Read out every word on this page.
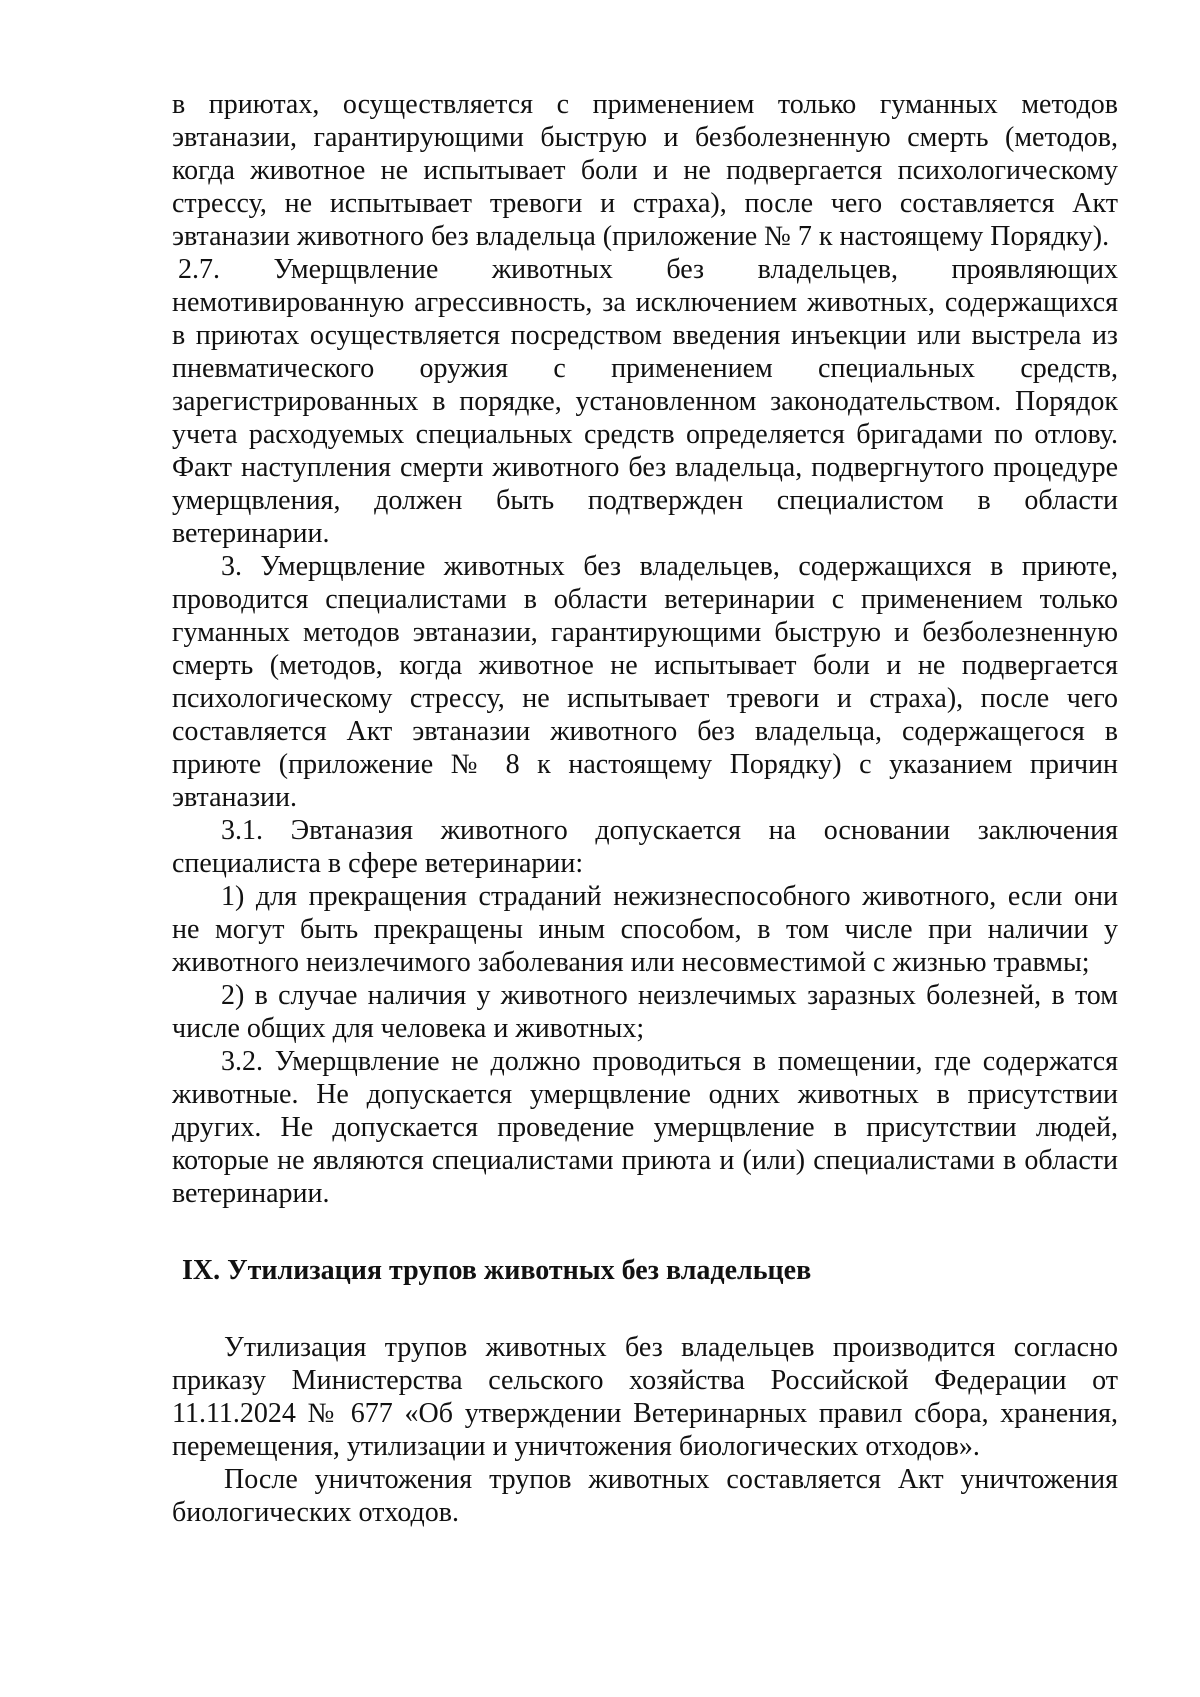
в приютах, осуществляется с применением только гуманных методов эвтаназии, гарантирующими быструю и безболезненную смерть (методов, когда животное не испытывает боли и не подвергается психологическому стрессу, не испытывает тревоги и страха), после чего составляется Акт эвтаназии животного без владельца (приложение № 7 к настоящему Порядку).

2.7. Умерщвление животных без владельцев, проявляющих немотивированную агрессивность, за исключением животных, содержащихся в приютах осуществляется посредством введения инъекции или выстрела из пневматического оружия с применением специальных средств, зарегистрированных в порядке, установленном законодательством. Порядок учета расходуемых специальных средств определяется бригадами по отлову. Факт наступления смерти животного без владельца, подвергнутого процедуре умерщвления, должен быть подтвержден специалистом в области ветеринарии.

3. Умерщвление животных без владельцев, содержащихся в приюте, проводится специалистами в области ветеринарии с применением только гуманных методов эвтаназии, гарантирующими быструю и безболезненную смерть (методов, когда животное не испытывает боли и не подвергается психологическому стрессу, не испытывает тревоги и страха), после чего составляется Акт эвтаназии животного без владельца, содержащегося в приюте (приложение № 8 к настоящему Порядку) с указанием причин эвтаназии.

3.1. Эвтаназия животного допускается на основании заключения специалиста в сфере ветеринарии:

1) для прекращения страданий нежизнеспособного животного, если они не могут быть прекращены иным способом, в том числе при наличии у животного неизлечимого заболевания или несовместимой с жизнью травмы;

2) в случае наличия у животного неизлечимых заразных болезней, в том числе общих для человека и животных;

3.2. Умерщвление не должно проводиться в помещении, где содержатся животные. Не допускается умерщвление одних животных в присутствии других. Не допускается проведение умерщвление в присутствии людей, которые не являются специалистами приюта и (или) специалистами в области ветеринарии.

IX. Утилизация трупов животных без владельцев

Утилизация трупов животных без владельцев производится согласно приказу Министерства сельского хозяйства Российской Федерации от 11.11.2024 № 677 «Об утверждении Ветеринарных правил сбора, хранения, перемещения, утилизации и уничтожения биологических отходов».

После уничтожения трупов животных составляется Акт уничтожения биологических отходов.
